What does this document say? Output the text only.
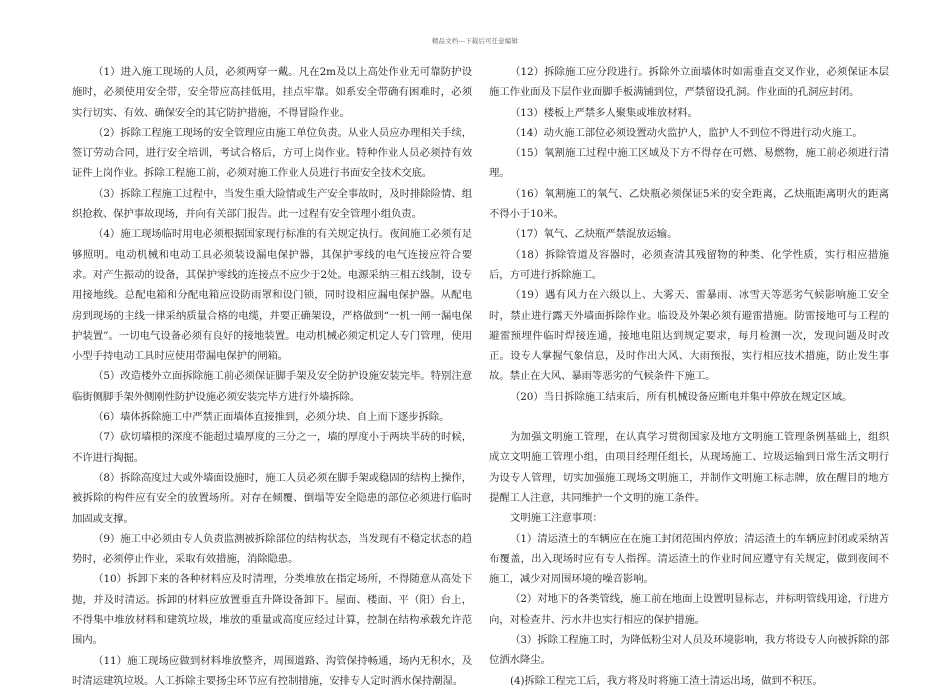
精品文档---下载后可任意编辑

（1）进入施工现场的人员，必须两穿一戴。凡在2m及以上高处作业无可靠防护设施时，必须使用安全带，安全带应高挂低用，挂点牢靠。如系安全带确有困难时，必须实行切实、有效、确保安全的其它防护措施，不得冒险作业。

（2）拆除工程施工现场的安全管理应由施工单位负责。从业人员应办理相关手续，签订劳动合同，进行安全培训，考试合格后，方可上岗作业。特种作业人员必须持有效证件上岗作业。拆除工程施工前，必须对施工作业人员进行书面安全技术交底。

（3）拆除工程施工过程中，当发生重大险情或生产安全事故时，及时排除险情、组织抢救、保护事故现场，并向有关部门报告。此一过程有安全管理小组负责。

（4）施工现场临时用电必须根据国家现行标准的有关规定执行。夜间施工必须有足够照明。电动机械和电动工具必须装设漏电保护器，其保护零线的电气连接应符合要求。对产生振动的设备，其保护零线的连接点不应少于2处。电源采纳三相五线制，设专用接地线。总配电箱和分配电箱应设防雨罩和设门锁，同时设相应漏电保护器。从配电房到现场的主线一律采纳质量合格的电缆，并要正确架设，严格做到“一机一闸一漏电保护装置”。一切电气设备必须有良好的接地装置。电动机械必须定机定人专门管理，使用小型手持电动工具时应使用带漏电保护的闸箱。

（5）改造楼外立面拆除施工前必须保证脚手架及安全防护设施安装完毕。特别注意临街侧脚手架外侧刚性防护设施必须安装完毕方进行外墙拆除。

（6）墙体拆除施工中严禁正面墙体直接推到，必须分块、自上而下逐步拆除。

（7）砍切墙根的深度不能超过墙厚度的三分之一，墙的厚度小于两块半砖的时候，不许进行掏掘。

（8）拆除高度过大或外墙面设施时，施工人员必须在脚手架或稳固的结构上操作，被拆除的构件应有安全的放置场所。对存在倾覆、倒塌等安全隐患的部位必须进行临时加固或支撑。

（9）施工中必须由专人负责监测被拆除部位的结构状态，当发现有不稳定状态的趋势时，必须停止作业，采取有效措施，消除隐患。

（10）拆卸下来的各种材料应及时清理，分类堆放在指定场所，不得随意从高处下抛，并及时清运。拆卸的材料应放置垂直升降设备卸下。屋面、楼面、平（阳）台上，不得集中堆放材料和建筑垃圾，堆放的重量或高度应经过计算，控制在结构承载允许范围内。

（11）施工现场应做到材料堆放整齐，周围道路、沟管保持畅通，场内无积水，及时清运建筑垃圾。人工拆除主要扬尘环节应有控制措施，安排专人定时洒水保持潮湿。

（12）拆除施工应分段进行。拆除外立面墙体时如需垂直交叉作业，必须保证本层施工作业面及下层作业面脚手板满铺到位，严禁留设孔洞。作业面的孔洞应封闭。

（13）楼板上严禁多人聚集或堆放材料。

（14）动火施工部位必须设置动火监护人，监护人不到位不得进行动火施工。

（15）氧割施工过程中施工区域及下方不得存在可燃、易燃物，施工前必须进行清理。

（16）氧割施工的氧气、乙炔瓶必须保证5米的安全距离，乙炔瓶距离明火的距离不得小于10米。

（17）氧气、乙炔瓶严禁混放运输。

（18）拆除管道及容器时，必须查清其残留物的种类、化学性质，实行相应措施后，方可进行拆除施工。

（19）遇有风力在六级以上、大雾天、雷暴雨、冰雪天等恶劣气候影响施工安全时，禁止进行露天外墙面拆除作业。临设及外架必须有避雷措施。防雷接地可与工程的避雷预埋件临时焊接连通，接地电阻达到规定要求，每月检测一次，发现问题及时改正。设专人掌握气象信息，及时作出大风、大雨预报，实行相应技术措施，防止发生事故。禁止在大风、暴雨等恶劣的气候条件下施工。

（20）当日拆除施工结束后，所有机械设备应断电并集中停放在规定区域。

为加强文明施工管理，在认真学习贯彻国家及地方文明施工管理条例基础上，组织成立文明施工管理小组，由项目经理任组长，从现场施工、垃圾运输到日常生活文明行为设专人管理，切实加强施工现场文明施工，并制作文明施工标志牌，放在醒目的地方提醒工人注意，共同维护一个文明的施工条件。

文明施工注意事项：

（1）清运渣土的车辆应在在施工封闭范围内停放；清运渣土的车辆应封闭或采纳苫布覆盖，出入现场时应有专人指挥。清运渣土的作业时间应遵守有关规定，做到夜间不施工，减少对周围环境的噪音影响。

（2）对地下的各类管线，施工前在地面上设置明显标志，并标明管线用途，行进方向，对检查井、污水井也实行相应的保护措施。

（3）拆除工程施工时，为降低粉尘对人员及环境影响，我方将设专人向被拆除的部位洒水降尘。

(4)拆除工程完工后，我方将及时将施工渣土清运出场，做到不积压。
